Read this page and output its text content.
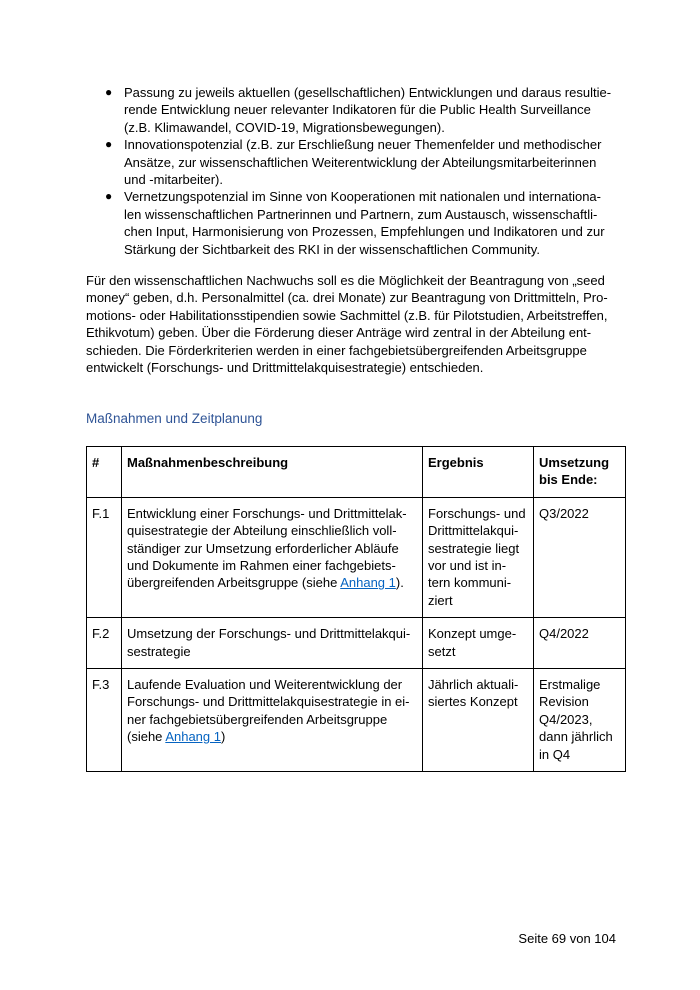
● Passung zu jeweils aktuellen (gesellschaftlichen) Entwicklungen und daraus resultie-rende Entwicklung neuer relevanter Indikatoren für die Public Health Surveillance (z.B. Klimawandel, COVID-19, Migrationsbewegungen).
● Innovationspotenzial (z.B. zur Erschließung neuer Themenfelder und methodischer Ansätze, zur wissenschaftlichen Weiterentwicklung der Abteilungsmitarbeiterinnen und -mitarbeiter).
● Vernetzungspotenzial im Sinne von Kooperationen mit nationalen und internationa-len wissenschaftlichen Partnerinnen und Partnern, zum Austausch, wissenschaftli-chen Input, Harmonisierung von Prozessen, Empfehlungen und Indikatoren und zur Stärkung der Sichtbarkeit des RKI in der wissenschaftlichen Community.

Für den wissenschaftlichen Nachwuchs soll es die Möglichkeit der Beantragung von „seed money“ geben, d.h. Personalmittel (ca. drei Monate) zur Beantragung von Drittmitteln, Pro-motions- oder Habilitationsstipendien sowie Sachmittel (z.B. für Pilotstudien, Arbeitstreffen, Ethikvotum) geben. Über die Förderung dieser Anträge wird zentral in der Abteilung ent-schieden. Die Förderkriterien werden in einer fachgebietsübergreifenden Arbeitsgruppe entwickelt (Forschungs- und Drittmittelakquisestrategie) entschieden.

Maßnahmen und Zeitplanung
#	Maßnahmenbeschreibung	Ergebnis	Umsetzung bis Ende:
F.1	Entwicklung einer Forschungs- und Drittmittelak-quisestrategie der Abteilung einschließlich voll-ständiger zur Umsetzung erforderlicher Abläufe und Dokumente im Rahmen einer fachgebiets-übergreifenden Arbeitsgruppe (siehe Anhang 1).	Forschungs- und Drittmittelakqui-sestrategie liegt vor und ist in-tern kommuni-ziert	Q3/2022
F.2	Umsetzung der Forschungs- und Drittmittelakqui-sestrategie	Konzept umge-setzt	Q4/2022
F.3	Laufende Evaluation und Weiterentwicklung der Forschungs- und Drittmittelakquisestrategie in ei-ner fachgebietsübergreifenden Arbeitsgruppe (siehe Anhang 1)	Jährlich aktuali-siertes Konzept	Erstmalige Revision Q4/2023, dann jährlich in Q4
Seite 69 von 104
